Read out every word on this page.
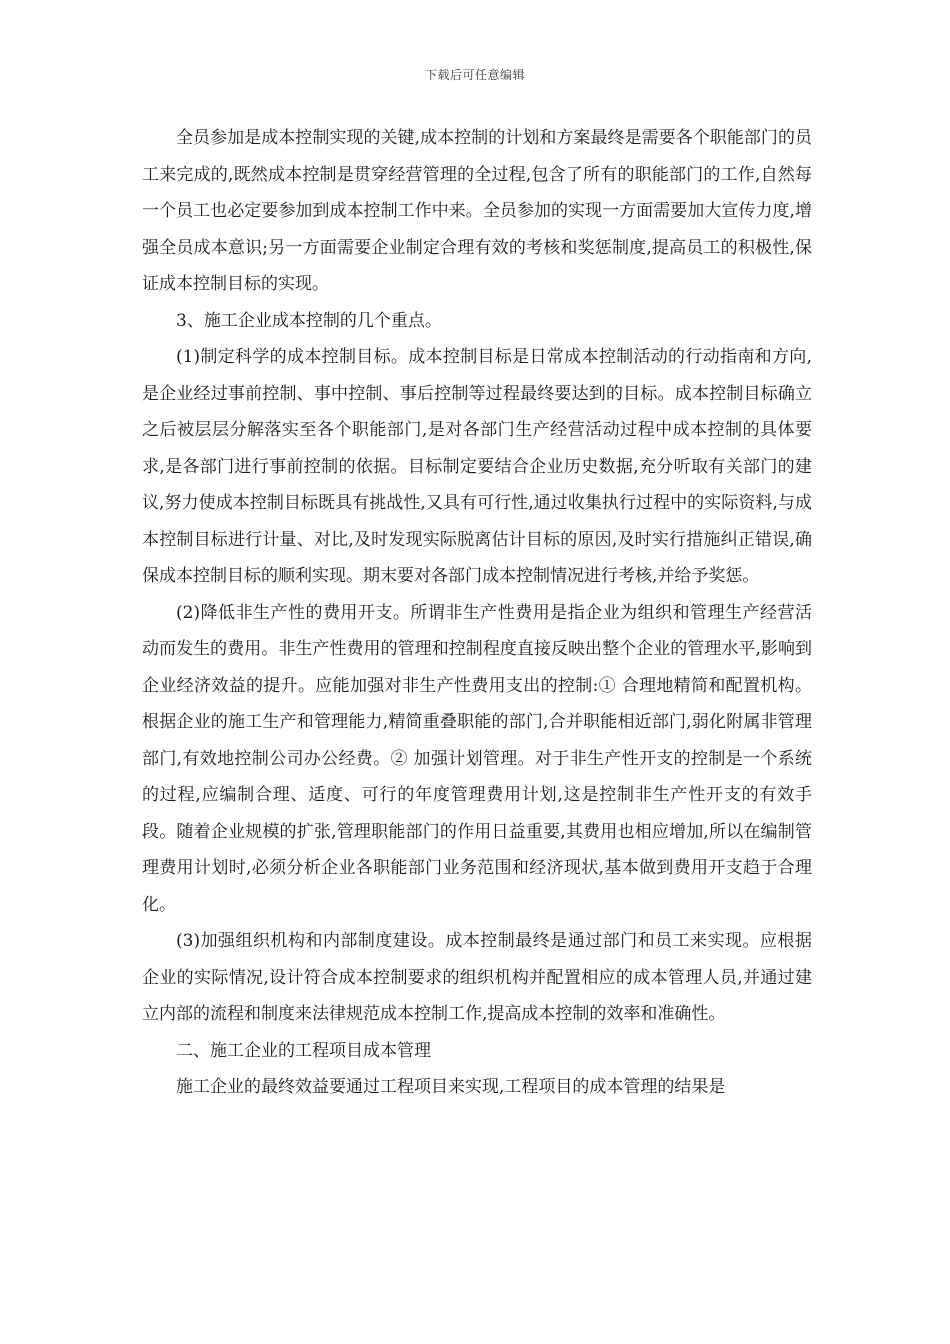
下载后可任意编辑

全员参加是成本控制实现的关键,成本控制的计划和方案最终是需要各个职能部门的员工来完成的,既然成本控制是贯穿经营管理的全过程,包含了所有的职能部门的工作,自然每一个员工也必定要参加到成本控制工作中来。全员参加的实现一方面需要加大宣传力度,增强全员成本意识;另一方面需要企业制定合理有效的考核和奖惩制度,提高员工的积极性,保证成本控制目标的实现。

3、施工企业成本控制的几个重点。

(1)制定科学的成本控制目标。成本控制目标是日常成本控制活动的行动指南和方向,是企业经过事前控制、事中控制、事后控制等过程最终要达到的目标。成本控制目标确立之后被层层分解落实至各个职能部门,是对各部门生产经营活动过程中成本控制的具体要求,是各部门进行事前控制的依据。目标制定要结合企业历史数据,充分听取有关部门的建议,努力使成本控制目标既具有挑战性,又具有可行性,通过收集执行过程中的实际资料,与成本控制目标进行计量、对比,及时发现实际脱离估计目标的原因,及时实行措施纠正错误,确保成本控制目标的顺利实现。期末要对各部门成本控制情况进行考核,并给予奖惩。

(2)降低非生产性的费用开支。所谓非生产性费用是指企业为组织和管理生产经营活动而发生的费用。非生产性费用的管理和控制程度直接反映出整个企业的管理水平,影响到企业经济效益的提升。应能加强对非生产性费用支出的控制:① 合理地精简和配置机构。根据企业的施工生产和管理能力,精简重叠职能的部门,合并职能相近部门,弱化附属非管理部门,有效地控制公司办公经费。② 加强计划管理。对于非生产性开支的控制是一个系统的过程,应编制合理、适度、可行的年度管理费用计划,这是控制非生产性开支的有效手段。随着企业规模的扩张,管理职能部门的作用日益重要,其费用也相应增加,所以在编制管理费用计划时,必须分析企业各职能部门业务范围和经济现状,基本做到费用开支趋于合理化。

(3)加强组织机构和内部制度建设。成本控制最终是通过部门和员工来实现。应根据企业的实际情况,设计符合成本控制要求的组织机构并配置相应的成本管理人员,并通过建立内部的流程和制度来法律规范成本控制工作,提高成本控制的效率和准确性。

二、施工企业的工程项目成本管理

施工企业的最终效益要通过工程项目来实现,工程项目的成本管理的结果是
